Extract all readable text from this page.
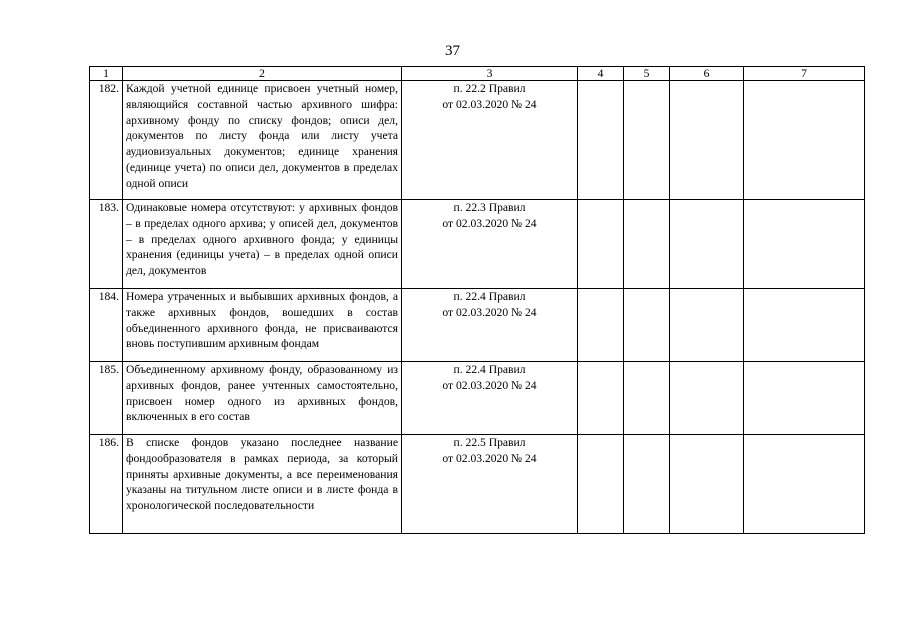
37
1	2	3	4	5	6	7
182.	Каждой учетной единице присвоен учетный номер, являющийся составной частью архивного шифра: архивному фонду по списку фондов; описи дел, документов по листу фонда или листу учета аудиовизуальных документов; единице хранения (единице учета) по описи дел, документов в пределах одной описи	п. 22.2 Правил
от 02.03.2020 № 24				

183.	Одинаковые номера отсутствуют: у архивных фондов – в пределах одного архива; у описей дел, документов – в пределах одного архивного фонда; у единицы хранения (единицы учета) – в пределах одной описи дел, документов	п. 22.3 Правил
от 02.03.2020 № 24				

184.	Номера утраченных и выбывших архивных фондов, а также архивных фондов, вошедших в состав объединенного архивного фонда, не присваиваются вновь поступившим архивным фондам	п. 22.4 Правил
от 02.03.2020 № 24				

185.	Объединенному архивному фонду, образованному из архивных фондов, ранее учтенных самостоятельно, присвоен номер одного из архивных фондов, включенных в его состав	п. 22.4 Правил
от 02.03.2020 № 24				

186.	В списке фондов указано последнее название фондообразователя в рамках периода, за который приняты архивные документы, а все переименования указаны на титульном листе описи и в листе фонда в хронологической последовательности	п. 22.5 Правил
от 02.03.2020 № 24				
